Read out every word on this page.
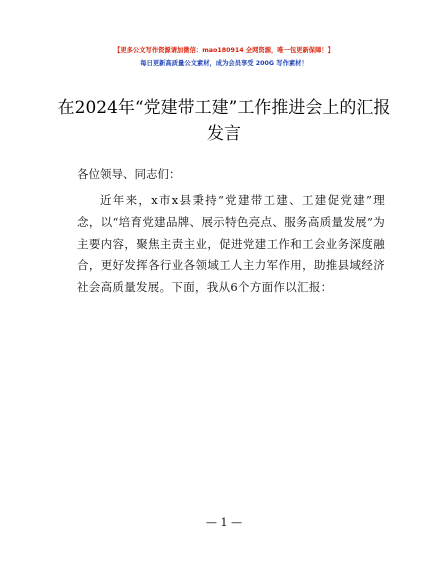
【更多公文写作资源请加微信：mao180914 全网资源，唯一包更新保障！】
每日更新高质量公文素材，成为会员享受 200G 写作素材！
在2024年“党建带工建”工作推进会上的汇报发言

各位领导、同志们：

近年来，x市x县秉持“党建带工建、工建促党建”理念，以“培育党建品牌、展示特色亮点、服务高质量发展”为主要内容，聚焦主责主业，促进党建工作和工会业务深度融合，更好发挥各行业各领域工人主力军作用，助推县域经济社会高质量发展。下面，我从6个方面作以汇报：

— 1 —
